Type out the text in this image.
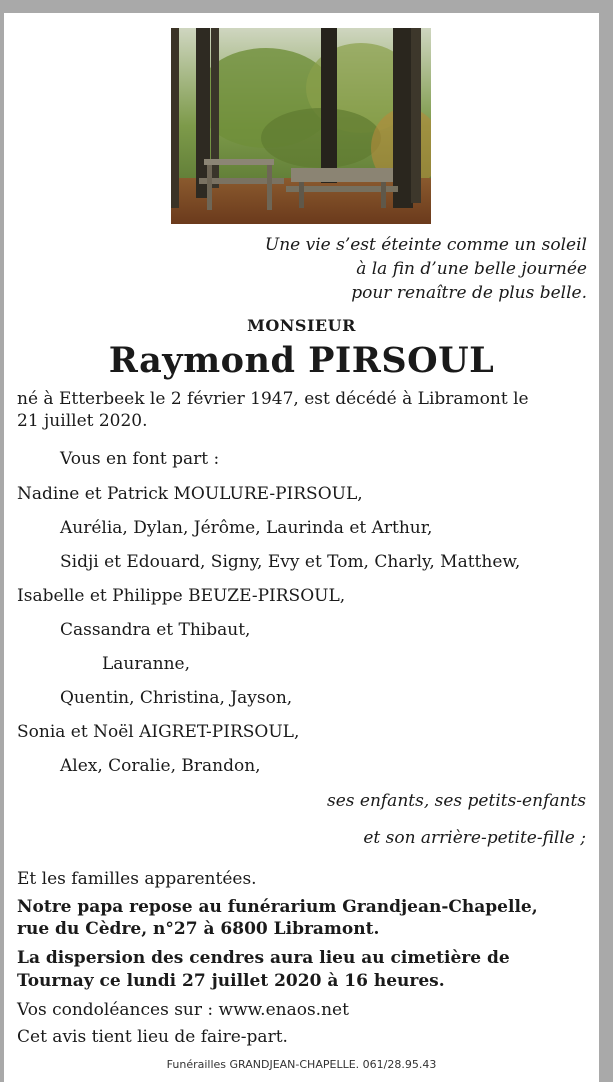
Une vie s’est éteinte comme un soleil
à la fin d’une belle journée
pour renaître de plus belle.
MONSIEUR
Raymond PIRSOUL
né à Etterbeek le 2 février 1947, est décédé à Libramont le
21 juillet 2020.
Vous en font part :
Nadine et Patrick MOULURE-PIRSOUL,
Aurélia, Dylan, Jérôme, Laurinda et Arthur,
Sidji et Edouard, Signy, Evy et Tom, Charly, Matthew,
Isabelle et Philippe BEUZE-PIRSOUL,
Cassandra et Thibaut,
Lauranne,
Quentin, Christina, Jayson,
Sonia et Noël AIGRET-PIRSOUL,
Alex, Coralie, Brandon,
ses enfants, ses petits-enfants
et son arrière-petite-fille ;
Et les familles apparentées.
Notre papa repose au funérarium Grandjean-Chapelle,
rue du Cèdre, n°27 à 6800 Libramont.
La dispersion des cendres aura lieu au cimetière de
Tournay ce lundi 27 juillet 2020 à 16 heures.
Vos condoléances sur : www.enaos.net
Cet avis tient lieu de faire-part.
Funérailles GRANDJEAN-CHAPELLE. 061/28.95.43
